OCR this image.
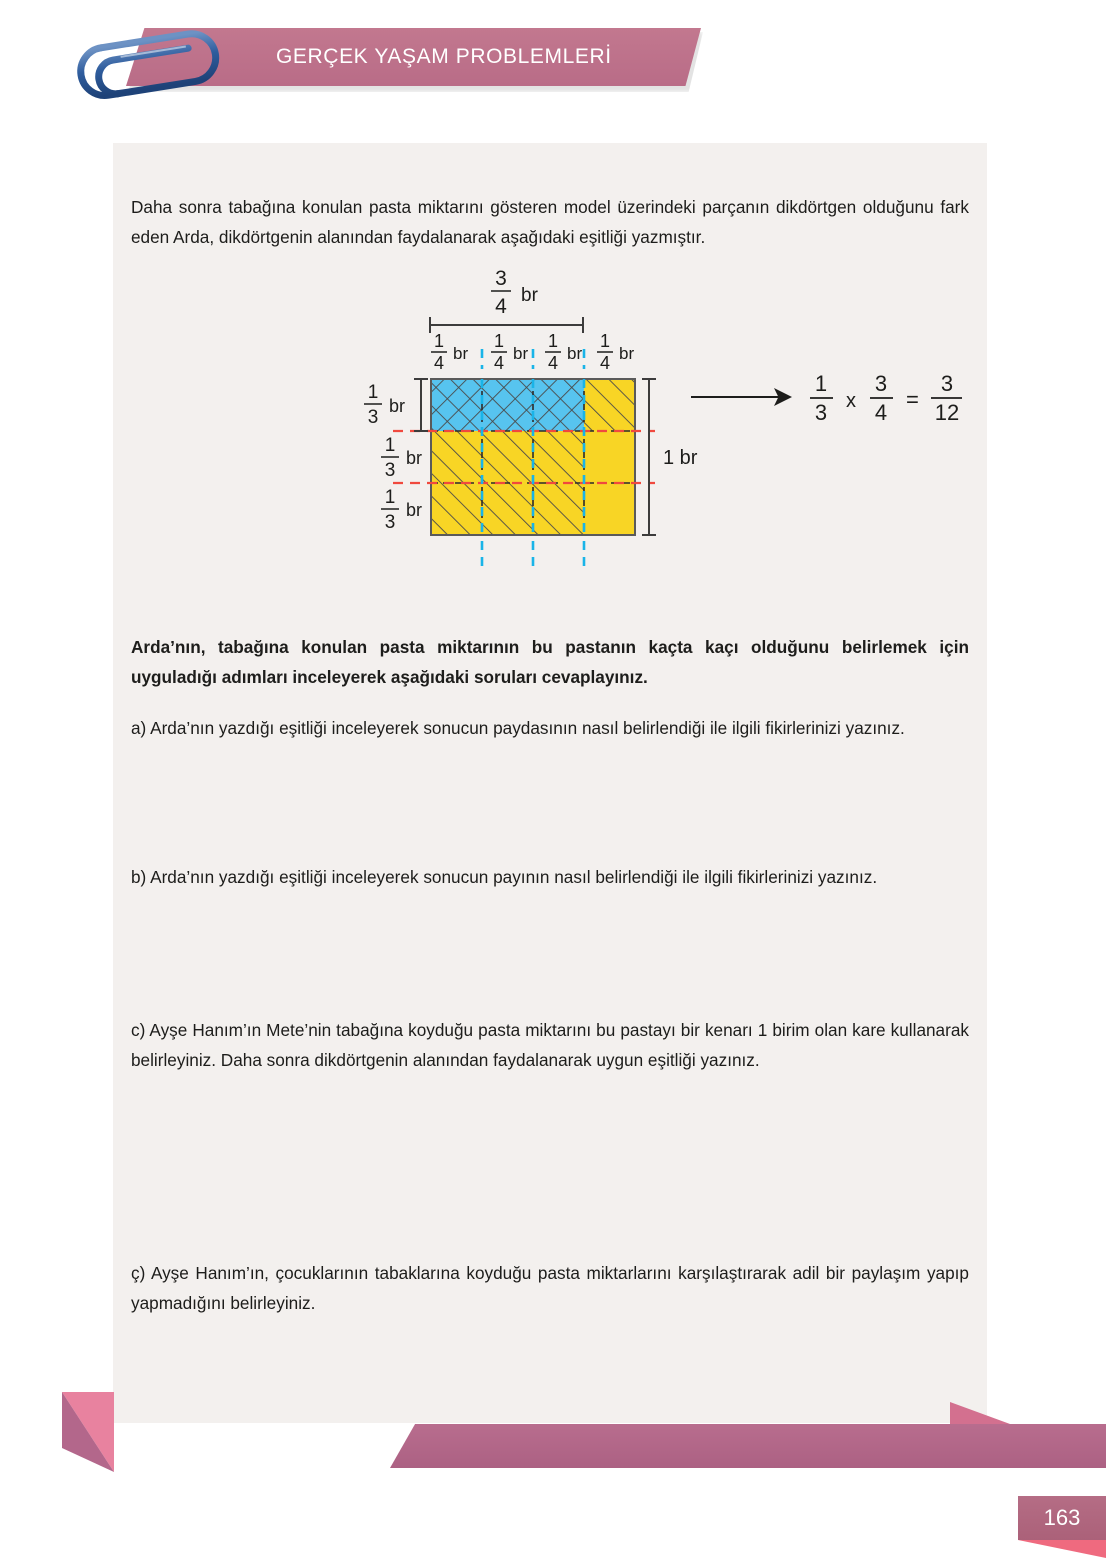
GERÇEK YAŞAM PROBLEMLERİ

Daha sonra tabağına konulan pasta miktarını gösteren model üzerindeki parçanın dikdörtgen olduğunu fark eden Arda, dikdörtgenin alanından faydalanarak aşağıdaki eşitliği yazmıştır.

3
4 br
1
4 br
1
4 br
1
4 br
1
4 br
1
3
br
1
3
br
1
3
br
1 br
1
3 x
3
4
=
3
12

Arda’nın, tabağına konulan pasta miktarının bu pastanın kaçta kaçı olduğunu belirlemek için uyguladığı adımları inceleyerek aşağıdaki soruları cevaplayınız.

a) Arda’nın yazdığı eşitliği inceleyerek sonucun paydasının nasıl belirlendiği ile ilgili fikirlerinizi yazınız.

b) Arda’nın yazdığı eşitliği inceleyerek sonucun payının nasıl belirlendiği ile ilgili fikirlerinizi yazınız.

c) Ayşe Hanım’ın Mete’nin tabağına koyduğu pasta miktarını bu pastayı bir kenarı 1 birim olan kare kullanarak belirleyiniz. Daha sonra dikdörtgenin alanından faydalanarak uygun eşitliği yazınız.

ç) Ayşe Hanım’ın, çocuklarının tabaklarına koyduğu pasta miktarlarını karşılaştırarak adil bir paylaşım yapıp yapmadığını belirleyiniz.

163
